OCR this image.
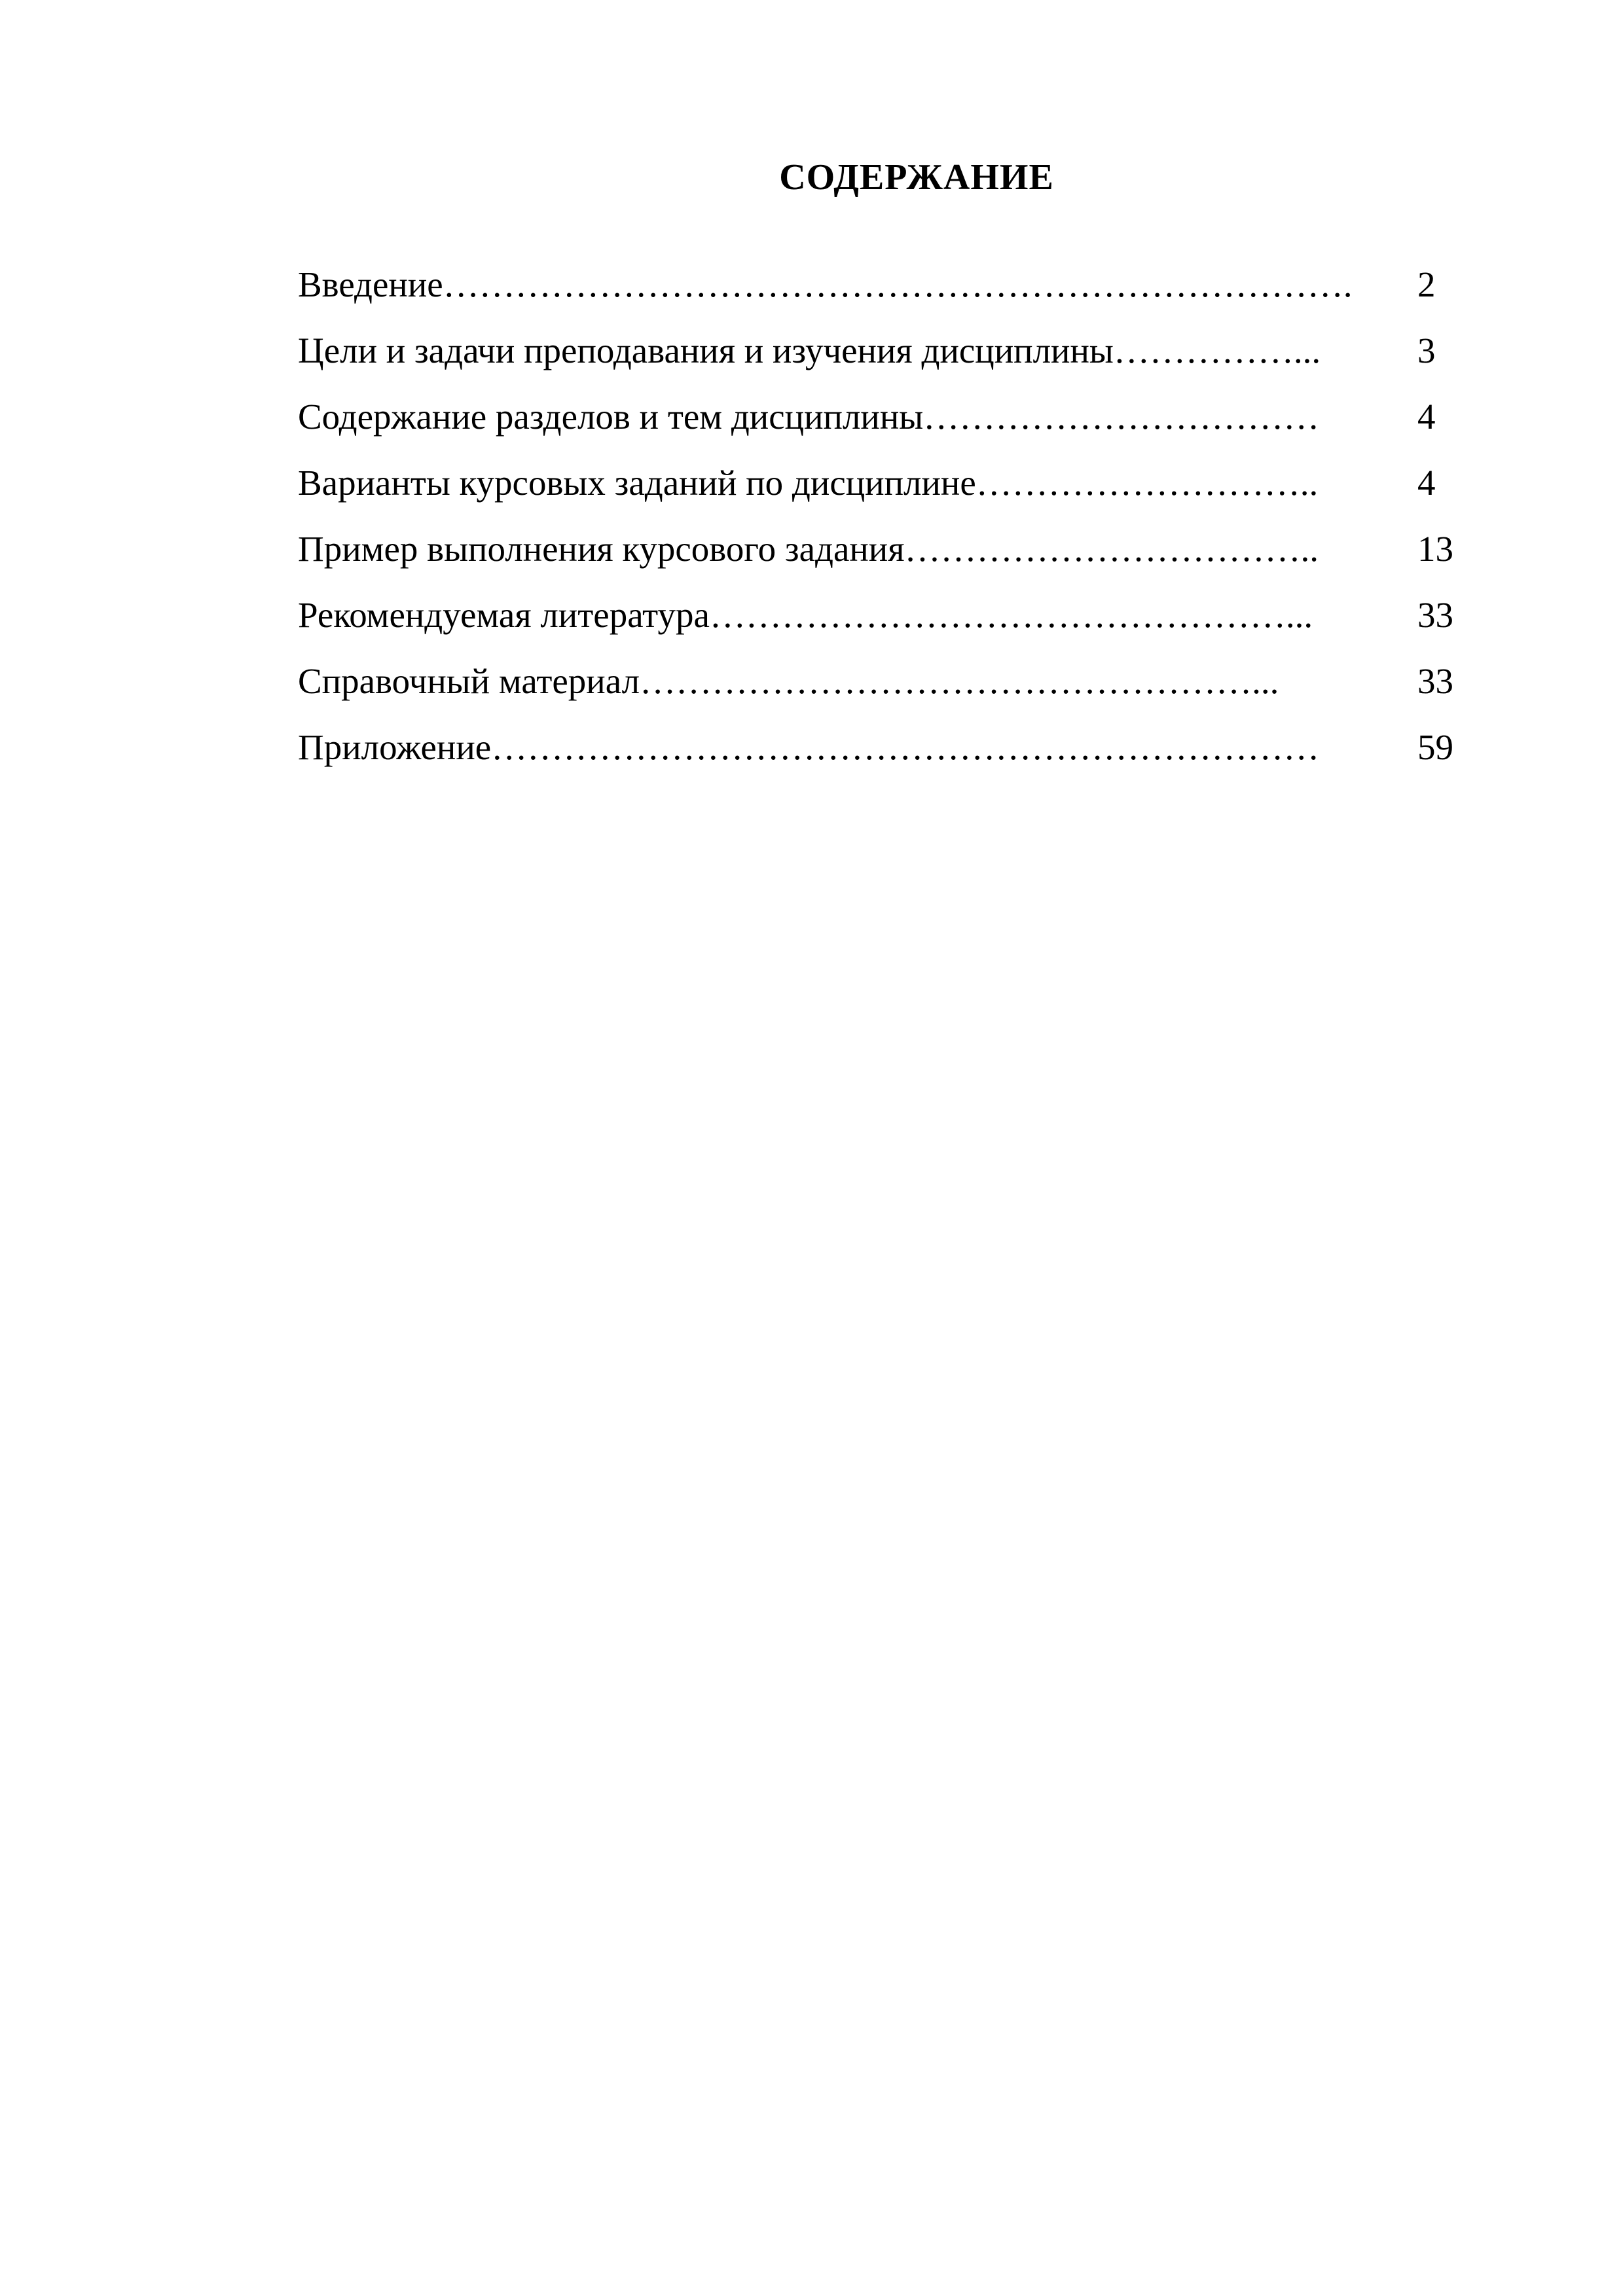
СОДЕРЖАНИЕ
Введение…………………………………………………………………. 2
Цели и задачи преподавания и изучения дисциплины……………...	3
Содержание разделов и тем дисциплины……………………………	4
Варианты курсовых заданий по дисциплине………………………..	4
Пример выполнения курсового задания……………………………..	13
Рекомендуемая литература…………………………………………...	33
Справочный материал……………………………………………...	33
Приложение……………………………………………………………	59
